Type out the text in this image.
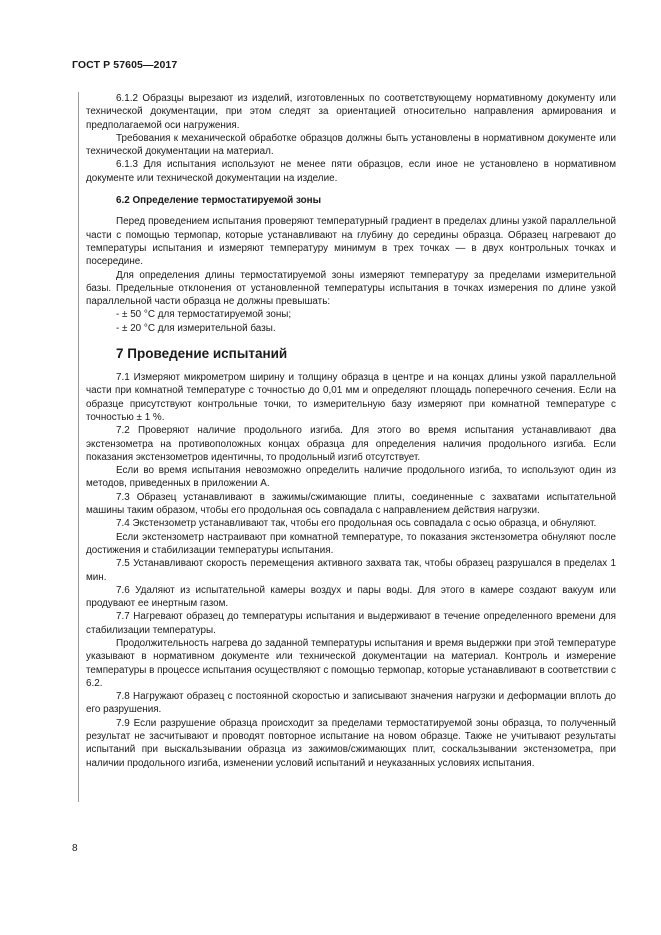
ГОСТ Р 57605—2017

6.1.2 Образцы вырезают из изделий, изготовленных по соответствующему нормативному документу или технической документации, при этом следят за ориентацией относительно направления армирования и предполагаемой оси нагружения.

Требования к механической обработке образцов должны быть установлены в нормативном документе или технической документации на материал.

6.1.3 Для испытания используют не менее пяти образцов, если иное не установлено в нормативном документе или технической документации на изделие.

6.2 Определение термостатируемой зоны

Перед проведением испытания проверяют температурный градиент в пределах длины узкой параллельной части с помощью термопар, которые устанавливают на глубину до середины образца. Образец нагревают до температуры испытания и измеряют температуру минимум в трех точках — в двух контрольных точках и посередине.

Для определения длины термостатируемой зоны измеряют температуру за пределами измерительной базы. Предельные отклонения от установленной температуры испытания в точках измерения по длине узкой параллельной части образца не должны превышать:

- ± 50 °С для термостатируемой зоны;

- ± 20 °С для измерительной базы.

7 Проведение испытаний

7.1 Измеряют микрометром ширину и толщину образца в центре и на концах длины узкой параллельной части при комнатной температуре с точностью до 0,01 мм и определяют площадь поперечного сечения. Если на образце присутствуют контрольные точки, то измерительную базу измеряют при комнатной температуре с точностью ± 1 %.

7.2 Проверяют наличие продольного изгиба. Для этого во время испытания устанавливают два экстензометра на противоположных концах образца для определения наличия продольного изгиба. Если показания экстензометров идентичны, то продольный изгиб отсутствует.

Если во время испытания невозможно определить наличие продольного изгиба, то используют один из методов, приведенных в приложении А.

7.3 Образец устанавливают в зажимы/сжимающие плиты, соединенные с захватами испытательной машины таким образом, чтобы его продольная ось совпадала с направлением действия нагрузки.

7.4 Экстензометр устанавливают так, чтобы его продольная ось совпадала с осью образца, и обнуляют.

Если экстензометр настраивают при комнатной температуре, то показания экстензометра обнуляют после достижения и стабилизации температуры испытания.

7.5 Устанавливают скорость перемещения активного захвата так, чтобы образец разрушался в пределах 1 мин.

7.6 Удаляют из испытательной камеры воздух и пары воды. Для этого в камере создают вакуум или продувают ее инертным газом.

7.7 Нагревают образец до температуры испытания и выдерживают в течение определенного времени для стабилизации температуры.

Продолжительность нагрева до заданной температуры испытания и время выдержки при этой температуре указывают в нормативном документе или технической документации на материал. Контроль и измерение температуры в процессе испытания осуществляют с помощью термопар, которые устанавливают в соответствии с 6.2.

7.8 Нагружают образец с постоянной скоростью и записывают значения нагрузки и деформации вплоть до его разрушения.

7.9 Если разрушение образца происходит за пределами термостатируемой зоны образца, то полученный результат не засчитывают и проводят повторное испытание на новом образце. Также не учитывают результаты испытаний при выскальзывании образца из зажимов/сжимающих плит, соскальзывании экстензометра, при наличии продольного изгиба, изменении условий испытаний и неуказанных условиях испытания.

8
